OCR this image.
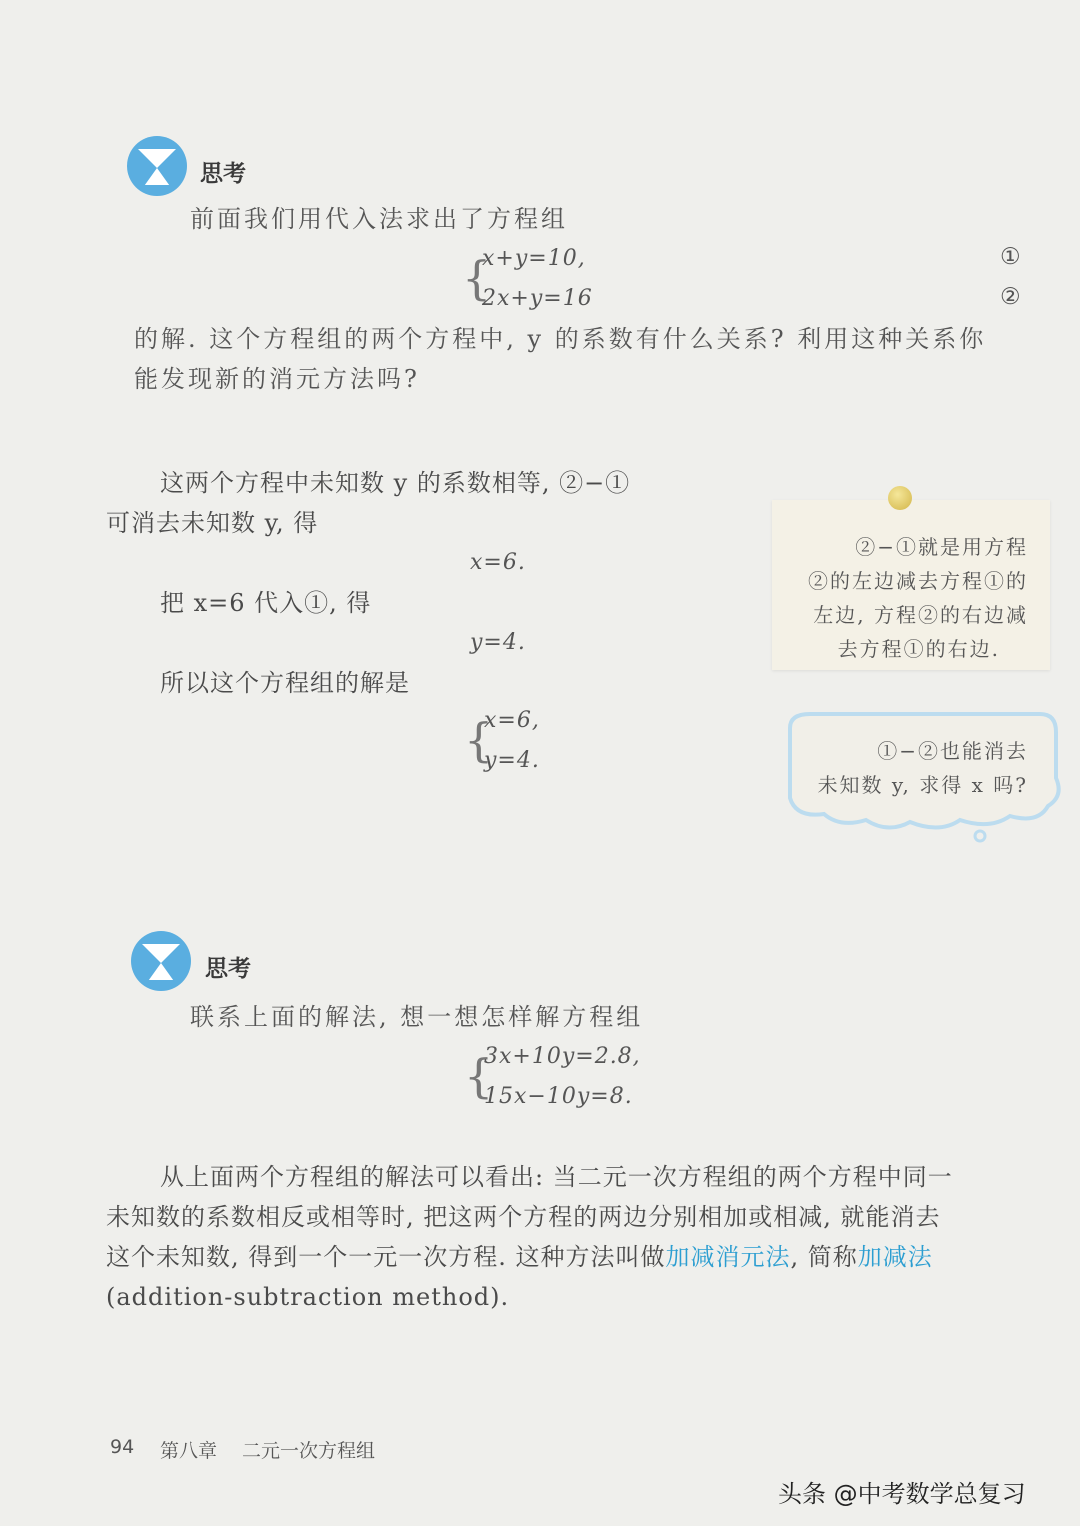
思考
前面我们用代入法求出了方程组
{
x+y=10,
2x+y=16
①
②
的解. 这个方程组的两个方程中, y 的系数有什么关系? 利用这种关系你
能发现新的消元方法吗?
这两个方程中未知数 y 的系数相等, ②−①
可消去未知数 y, 得
x=6.
把 x=6 代入①, 得
y=4.
所以这个方程组的解是
{
x=6,
y=4.
②−①就是用方程
②的左边减去方程①的
左边, 方程②的右边减
去方程①的右边.
①−②也能消去
未知数 y, 求得 x 吗?
思考
联系上面的解法, 想一想怎样解方程组
{
3x+10y=2.8,
15x−10y=8.
从上面两个方程组的解法可以看出: 当二元一次方程组的两个方程中同一
未知数的系数相反或相等时, 把这两个方程的两边分别相加或相减, 就能消去
这个未知数, 得到一个一元一次方程. 这种方法叫做加减消元法, 简称加减法
(addition-subtraction method).
94 第八章 二元一次方程组
头条 @中考数学总复习
